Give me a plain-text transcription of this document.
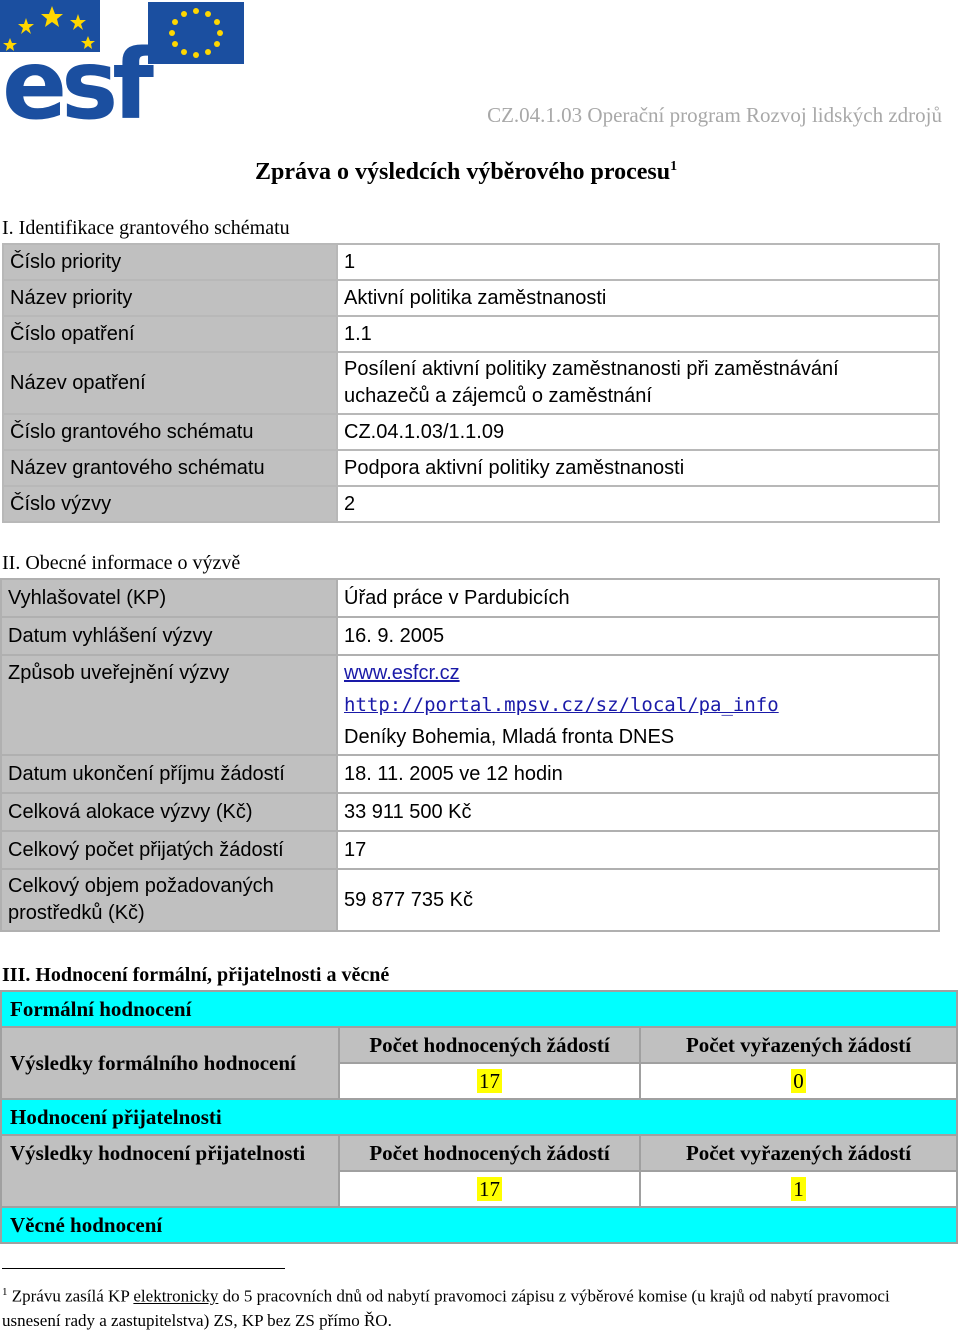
esf	CZ.04.1.03 Operační program Rozvoj lidských zdrojů
Zpráva o výsledcích výběrového procesu$^1$
I. Identifikace grantového schématu
Číslo priority	1
Název priority	Aktivní politika zaměstnanosti
Číslo opatření	1.1
Název opatření	Posílení aktivní politiky zaměstnanosti při zaměstnávání uchazečů a zájemců o zaměstnání
Číslo grantového schématu	CZ.04.1.03/1.1.09
Název grantového schématu	Podpora aktivní politiky zaměstnanosti
Číslo výzvy	2
II. Obecné informace o výzvě
Vyhlašovatel (KP)	Úřad práce v Pardubicích
Datum vyhlášení výzvy	16. 9. 2005
Způsob uveřejnění výzvy	www.esfcr.cz
http://portal.mpsv.cz/sz/local/pa_info
Deníky Bohemia, Mladá fronta DNES

Datum ukončení příjmu žádostí	18. 11. 2005 ve 12 hodin
Celková alokace výzvy (Kč)	33 911 500 Kč
Celkový počet přijatých žádostí	17
Celkový objem požadovaných prostředků (Kč)	59 877 735 Kč
III. Hodnocení formální, přijatelnosti a věcné
Formální hodnocení		
Výsledky formálního hodnocení	Počet hodnocených žádostí	Počet vyřazených žádostí
	17	0
Hodnocení přijatelnosti		
Výsledky hodnocení přijatelnosti	Počet hodnocených žádostí	Počet vyřazených žádostí
	17	1
Věcné hodnocení		
$^1$ Zprávu zasílá KP elektronicky do 5 pracovních dnů od nabytí pravomoci zápisu z výběrové komise (u krajů od nabytí pravomoci usnesení rady a zastupitelstva) ZS, KP bez ZS přímo ŘO.
